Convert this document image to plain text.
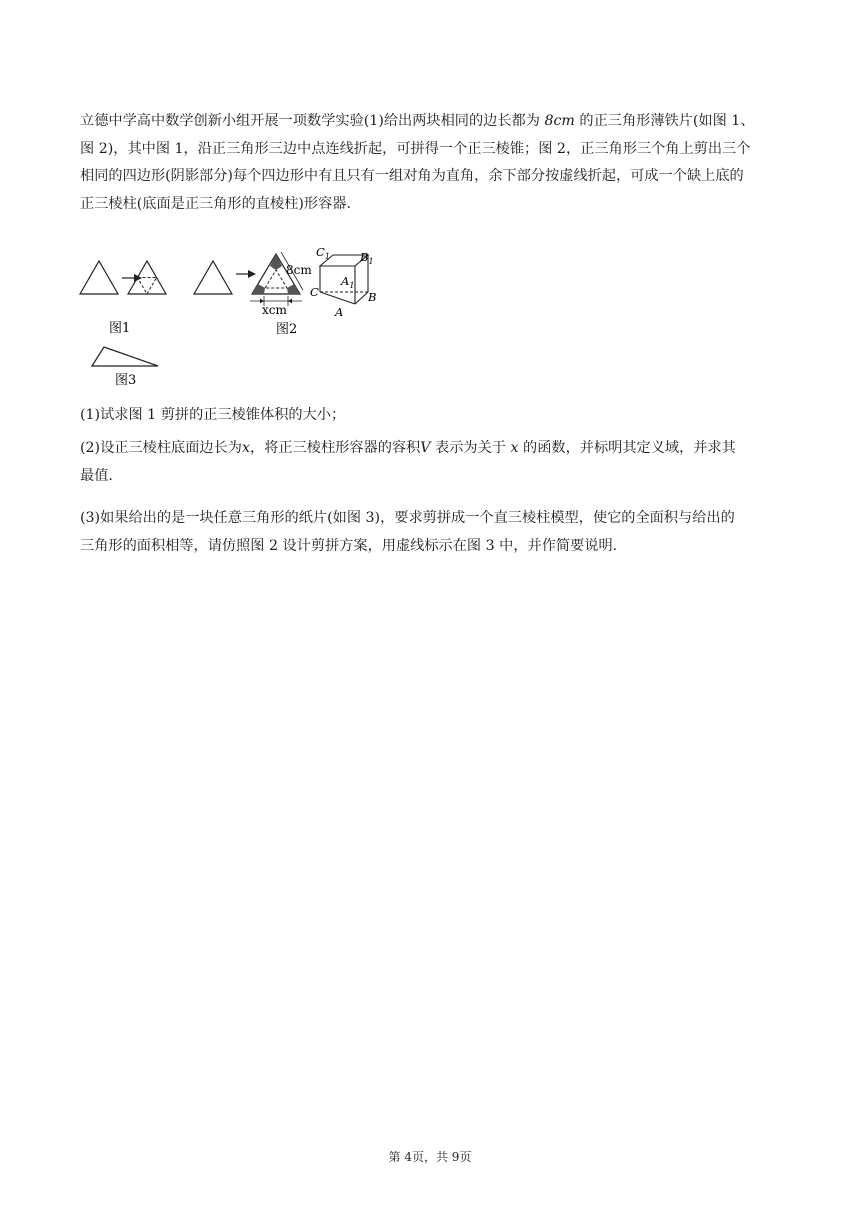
立德中学高中数学创新小组开展一项数学实验(1)给出两块相同的边长都为 8cm 的正三角形薄铁片(如图 1、
图 2)，其中图 1，沿正三角形三边中点连线折起，可拼得一个正三棱锥；图 2，正三角形三个角上剪出三个
相同的四边形(阴影部分)每个四边形中有且只有一组对角为直角，余下部分按虚线折起，可成一个缺上底的
正三棱柱(底面是正三角形的直棱柱)形容器.

图1
8cm
xcm
$C_1$	$B_1$
$A_1$
C
A
B
图2
图3

(1)试求图 1 剪拼的正三棱锥体积的大小；

(2)设正三棱柱底面边长为x，将正三棱柱形容器的容积V 表示为关于 x 的函数，并标明其定义域，并求其
最值.

(3)如果给出的是一块任意三角形的纸片(如图 3)，要求剪拼成一个直三棱柱模型，使它的全面积与给出的
三角形的面积相等，请仿照图 2 设计剪拼方案，用虚线标示在图 3 中，并作简要说明.

第 4页，共 9页
